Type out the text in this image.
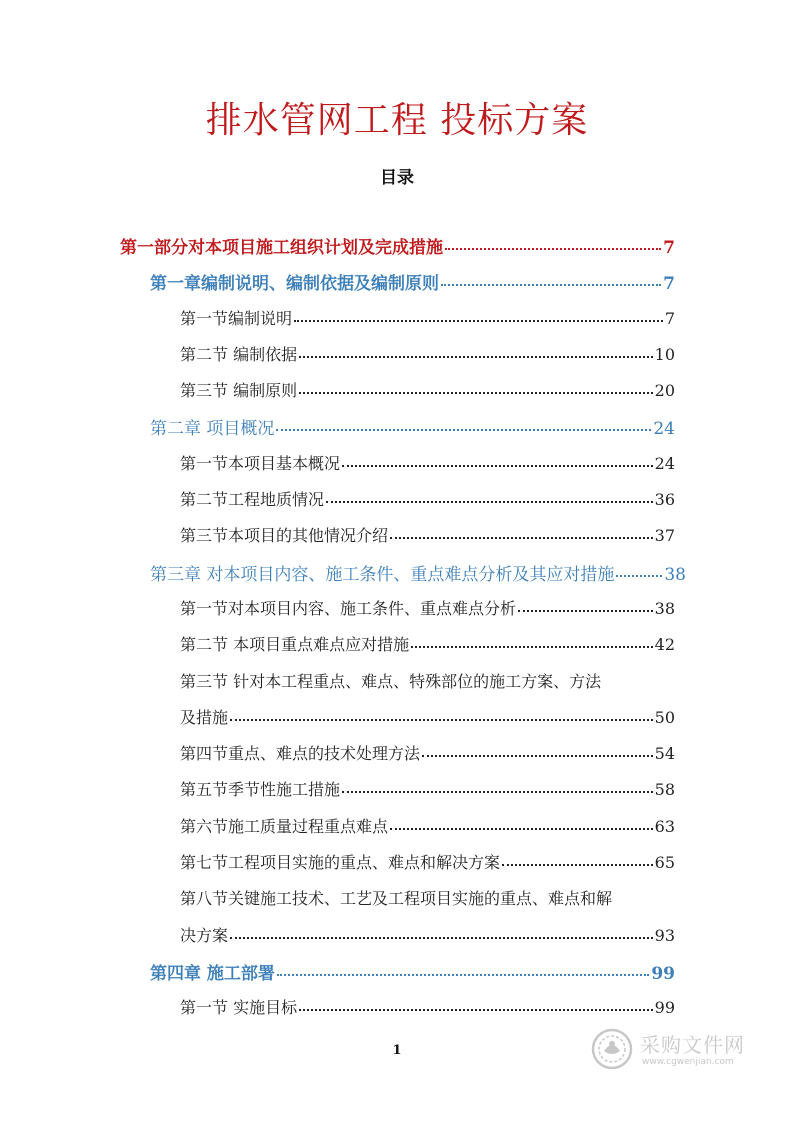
排水管网工程 投标方案
目录
第一部分对本项目施工组织计划及完成措施	7
第一章编制说明、编制依据及编制原则	7
第一节编制说明	7
第二节 编制依据	10
第三节 编制原则	20
第二章 项目概况	24
第一节本项目基本概况	24
第二节工程地质情况	36
第三节本项目的其他情况介绍	37
第三章 对本项目内容、施工条件、重点难点分析及其应对措施	38
第一节对本项目内容、施工条件、重点难点分析	38
第二节 本项目重点难点应对措施	42
第三节 针对本工程重点、难点、特殊部位的施工方案、方法
及措施	50
第四节重点、难点的技术处理方法	54
第五节季节性施工措施	58
第六节施工质量过程重点难点	63
第七节工程项目实施的重点、难点和解决方案	65
第八节关键施工技术、工艺及工程项目实施的重点、难点和解
决方案	93
第四章 施工部署	99
第一节 实施目标	99
1	采购文件网
www.cgwenjian.com
